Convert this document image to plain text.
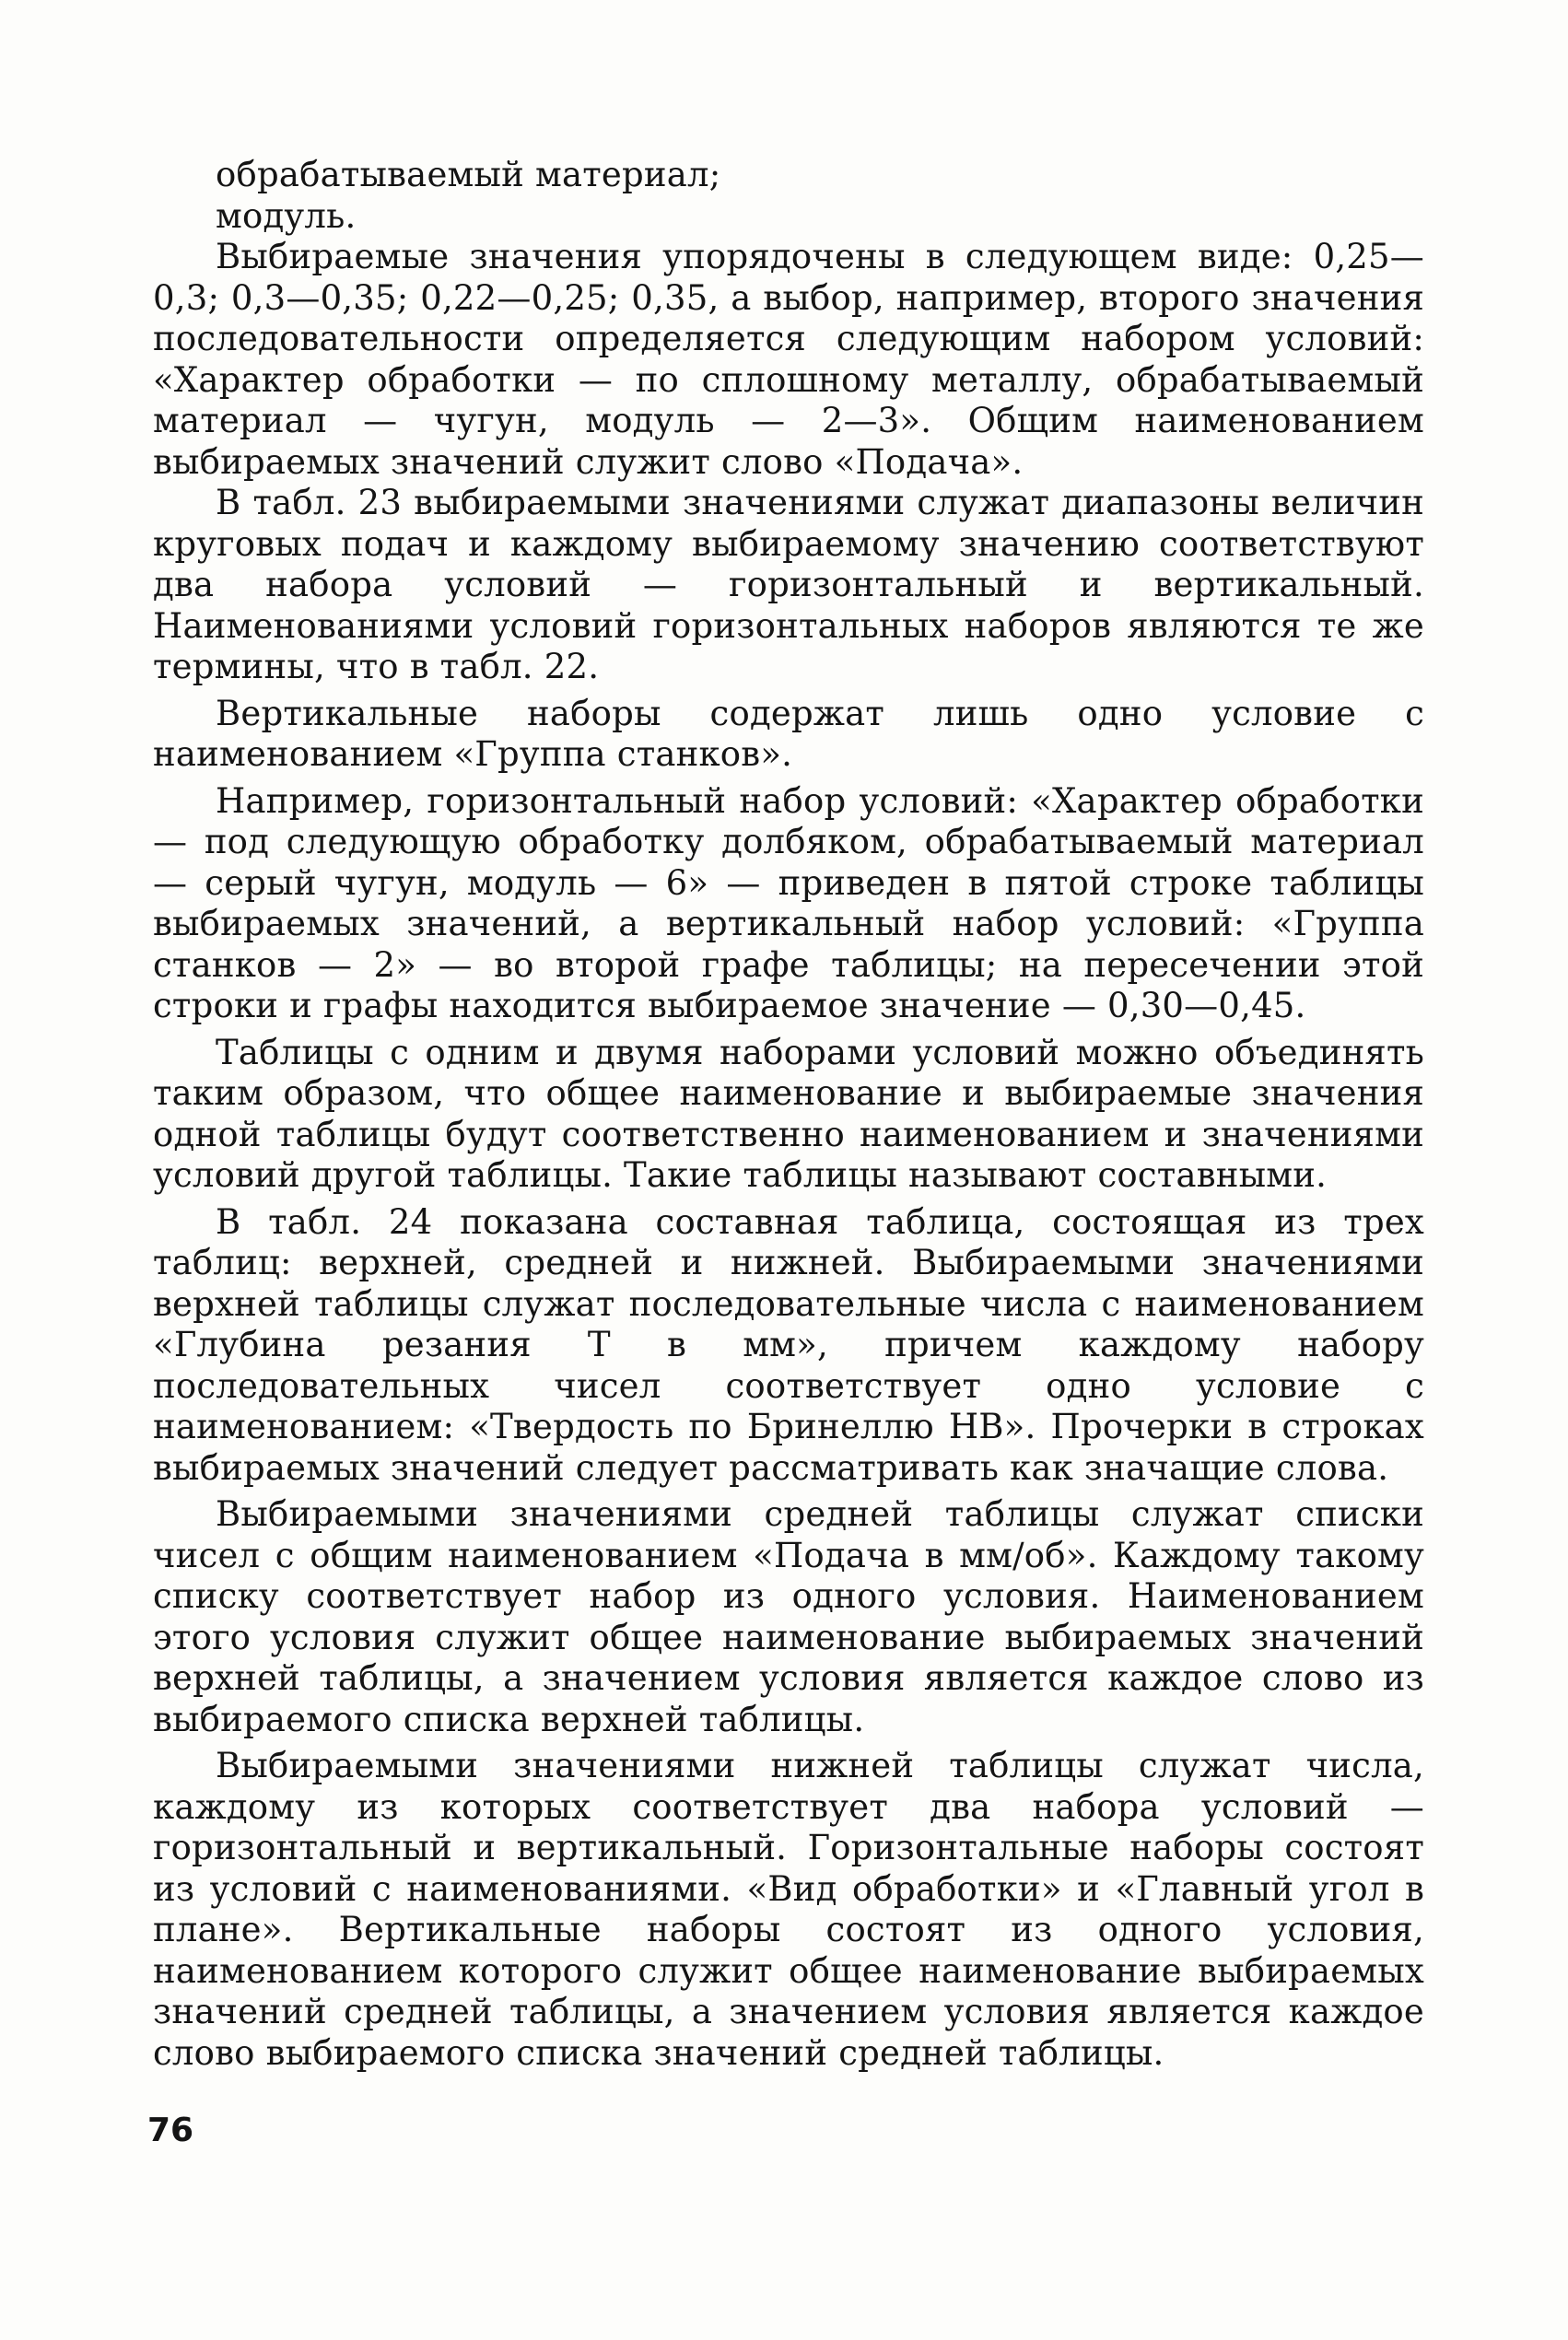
обрабатываемый материал;

модуль.

Выбираемые значения упорядочены в следующем виде: 0,25—0,3; 0,3—0,35; 0,22—0,25; 0,35, а выбор, например, второго значения последовательности определяется следующим набором условий: «Характер обработки — по сплошному металлу, обрабатываемый материал — чугун, модуль — 2—3». Общим наименованием выбираемых значений служит слово «Подача».

В табл. 23 выбираемыми значениями служат диапазоны величин круговых подач и каждому выбираемому значению соответствуют два набора условий — горизонтальный и вертикальный. Наименованиями условий горизонтальных наборов являются те же термины, что в табл. 22.

Вертикальные наборы содержат лишь одно условие с наименованием «Группа станков».

Например, горизонтальный набор условий: «Характер обработки — под следующую обработку долбяком, обрабатываемый материал — серый чугун, модуль — 6» — приведен в пятой строке таблицы выбираемых значений, а вертикальный набор условий: «Группа станков — 2» — во второй графе таблицы; на пересечении этой строки и графы находится выбираемое значение — 0,30—0,45.

Таблицы с одним и двумя наборами условий можно объединять таким образом, что общее наименование и выбираемые значения одной таблицы будут соответственно наименованием и значениями условий другой таблицы. Такие таблицы называют составными.

В табл. 24 показана составная таблица, состоящая из трех таблиц: верхней, средней и нижней. Выбираемыми значениями верхней таблицы служат последовательные числа с наименованием «Глубина резания T в мм», причем каждому набору последовательных чисел соответствует одно условие с наименованием: «Твердость по Бринеллю HB». Прочерки в строках выбираемых значений следует рассматривать как значащие слова.

Выбираемыми значениями средней таблицы служат списки чисел с общим наименованием «Подача в мм/об». Каждому такому списку соответствует набор из одного условия. Наименованием этого условия служит общее наименование выбираемых значений верхней таблицы, а значением условия является каждое слово из выбираемого списка верхней таблицы.

Выбираемыми значениями нижней таблицы служат числа, каждому из которых соответствует два набора условий — горизонтальный и вертикальный. Горизонтальные наборы состоят из условий с наименованиями. «Вид обработки» и «Главный угол в плане». Вертикальные наборы состоят из одного условия, наименованием которого служит общее наименование выбираемых значений средней таблицы, а значением условия является каждое слово выбираемого списка значений средней таблицы.

76
